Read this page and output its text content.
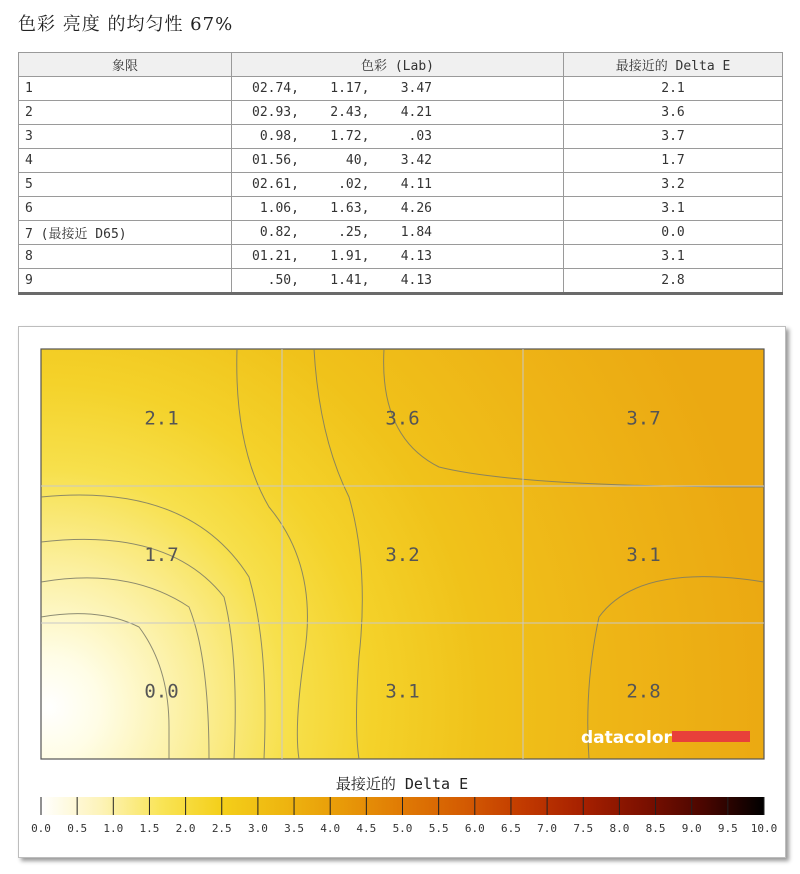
色彩 亮度 的均匀性 67%
象限	色彩 (Lab)	最接近的 Delta E
1	02.74,    1.17,    3.47	2.1
2	02.93,    2.43,    4.21	3.6
3	0.98,    1.72,     .03	3.7
4	01.56,      40,    3.42	1.7
5	02.61,     .02,    4.11	3.2
6	1.06,    1.63,    4.26	3.1
7 (最接近 D65)	0.82,     .25,    1.84	0.0
8	01.21,    1.91,    4.13	3.1
9	.50,    1.41,    4.13	2.8
2.1	3.6	3.7
1.7	3.2	3.1
0.0	3.1	2.8
datacolor
最接近的 Delta E
0.0 0.5 1.0 1.5 2.0 2.5 3.0 3.5 4.0 4.5 5.0 5.5 6.0 6.5 7.0 7.5 8.0 8.5 9.0 9.5 10.0
